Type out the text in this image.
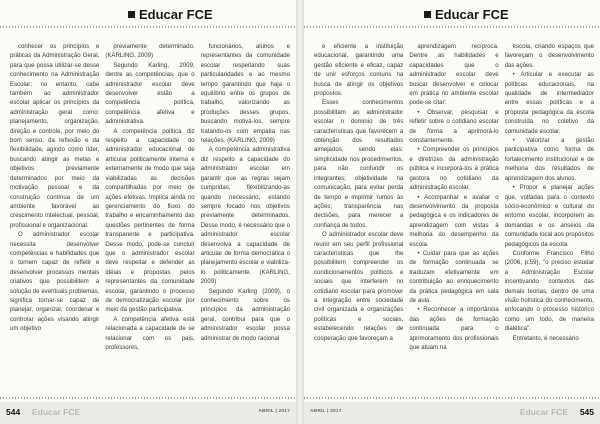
Educar FCE

conhecer os princípios e práticas da Administração Geral, para que possa utilizar-se desse conhecimento na Administração Escolar; no entanto, cabe também ao administrador escolar aplicar os princípios da administração geral como: planejamento, organização, direção e controle, por meio do bom senso, da reflexão e da flexibilidade, agindo como líder, buscando atingir as metas e objetivos previamente determinados por meio da motivação pessoal e da construção contínua de um ambiente favorável ao crescimento intelectual, pessoal, profissional e organizacional.

O administrador escolar necessita desenvolver competências e habilidades que o tornem capaz de refletir e desenvolver processos mentais criativos que possibilitem a solução de eventuais problemas, significa tornar-se capaz de planejar, organizar, coordenar e controlar ações visando atingir um objetivo

previamente determinado. (KARLING, 2009)

Segundo Karling, 2009, dentre as competências, que o administrador escolar deve desenvolver estão a competência política, competência afetiva e administrativa.

A competência política diz respeito a capacidade do administrador educacional de articular politicamente interna e externamente de modo que seja viabilizadas as decisões compartilhadas por meio de ações efetivas. Implica ainda no gerenciamento do fluxo do trabalho e encaminhamento das questões pertinentes de forma transparente e participativa. Desse modo, pode-se concluir que o administrador escolar deve respeitar e defender as idéias e propostas pelos representantes da comunidade escolar, garantindo o processo de democratização escolar por meio da gestão participativa.

A competência afetiva está relacionada a capacidade de se relacionar com os pais, professores,

funcionários, alunos e representantes da comunidade escolar respeitando suas particularidades e ao mesmo tempo garantindo que haja o equilíbrio entre os grupos de trabalho, valorizando as produções desses grupos, buscando motivá-los, sempre tratando-os com empatia nas relações. (KARLING, 2009)

A competência administrativa diz respeito a capacidade do administrador escolar em garantir que as regras sejam cumpridas, flexibilizando-as quando necessário, estando sempre focado nos objetivos previamente determinados. Desse modo, é necessário que o administrador escolar desenvolva a capacidade de articular de forma democrática o planejamento escolar e viabiliza-lo politicamente. (KARLING, 2009)

Segundo Karling (2009), o conhecimento sobre os princípios da administração geral, contribui para que o administrador escolar possa administrar de modo racional

544 Educar FCE	ABRIL | 2017
Educar FCE

e eficiente a instituição educacional, garantindo uma gestão eficiente e eficaz, capaz de unir esforços comuns na busca de atingir os objetivos propostos.

Esses conhecimentos possibilitam ao administrador escolar o domínio de três características que favorecem a obtenção dos resultados almejados, sendo elas: simplicidade nos procedimentos, para não confundir os integrantes; objetividade na comunicação, para evitar perda de tempo e imprimir rumos às ações; transparência nas decisões, para merecer a confiança de todos.

O administrador escolar deve reunir em seu perfil profissional características que lhe possibilitem compreender os condicionamentos políticos e sociais que interferem no cotidiano escolar para promover a integração entre sociedade civil organizada e organizações políticas e sociais, estabelecendo relações de cooperação que favoreçam a

aprendizagem recíproca. Dentre as habilidades e capacidades que o administrador escolar deve buscar desenvolver e colocar em prática no ambiente escolar pode-se citar:

• Observar, pesquisar e refletir sobre o cotidiano escolar de forma a aprimorá-lo constantemente.

• Compreender os princípios e diretrizes da administração pública e incorporá-los à prática gestora no cotidiano da administração escolar.

• Acompanhar e avaliar o desenvolvimento da proposta pedagógica e os indicadores de aprendizagem com vistas à melhoria do desempenho da escola.

• Cuidar para que as ações de formação continuada se traduzam efetivamente em contribuição ao enriquecimento da prática pedagógica em sala de aula.

• Reconhecer a importância das ações de formação continuada para o aprimoramento dos profissionais que atuam na

escola, criando espaços que favoreçam o desenvolvimento das ações.

• Articular e executar as políticas educacionais, na qualidade de intermediador entre essas políticas e a proposta pedagógica da escola construída no coletivo da comunidade escolar.

• Valorizar a gestão participativa como forma de fortalecimento institucional e de melhoria dos resultados de aprendizagem dos alunos.

• Propor e planejar ações que, voltadas para o contexto sócio-econômico e cultural do entorno escolar, incorporem as demandas e os anseios da comunidade local aos propósitos pedagógicos da escola.

Conforme Francisco Filho (2006, p.59), "o preciso estudar a Administração Escolar incentivando contextos das demais teorias, dentro de uma visão holística do conhecimento, enfocando o processo histórico como um todo, de maneira dialética".

Entretanto, é necessário

ABRIL | 2017	Educar FCE 545
